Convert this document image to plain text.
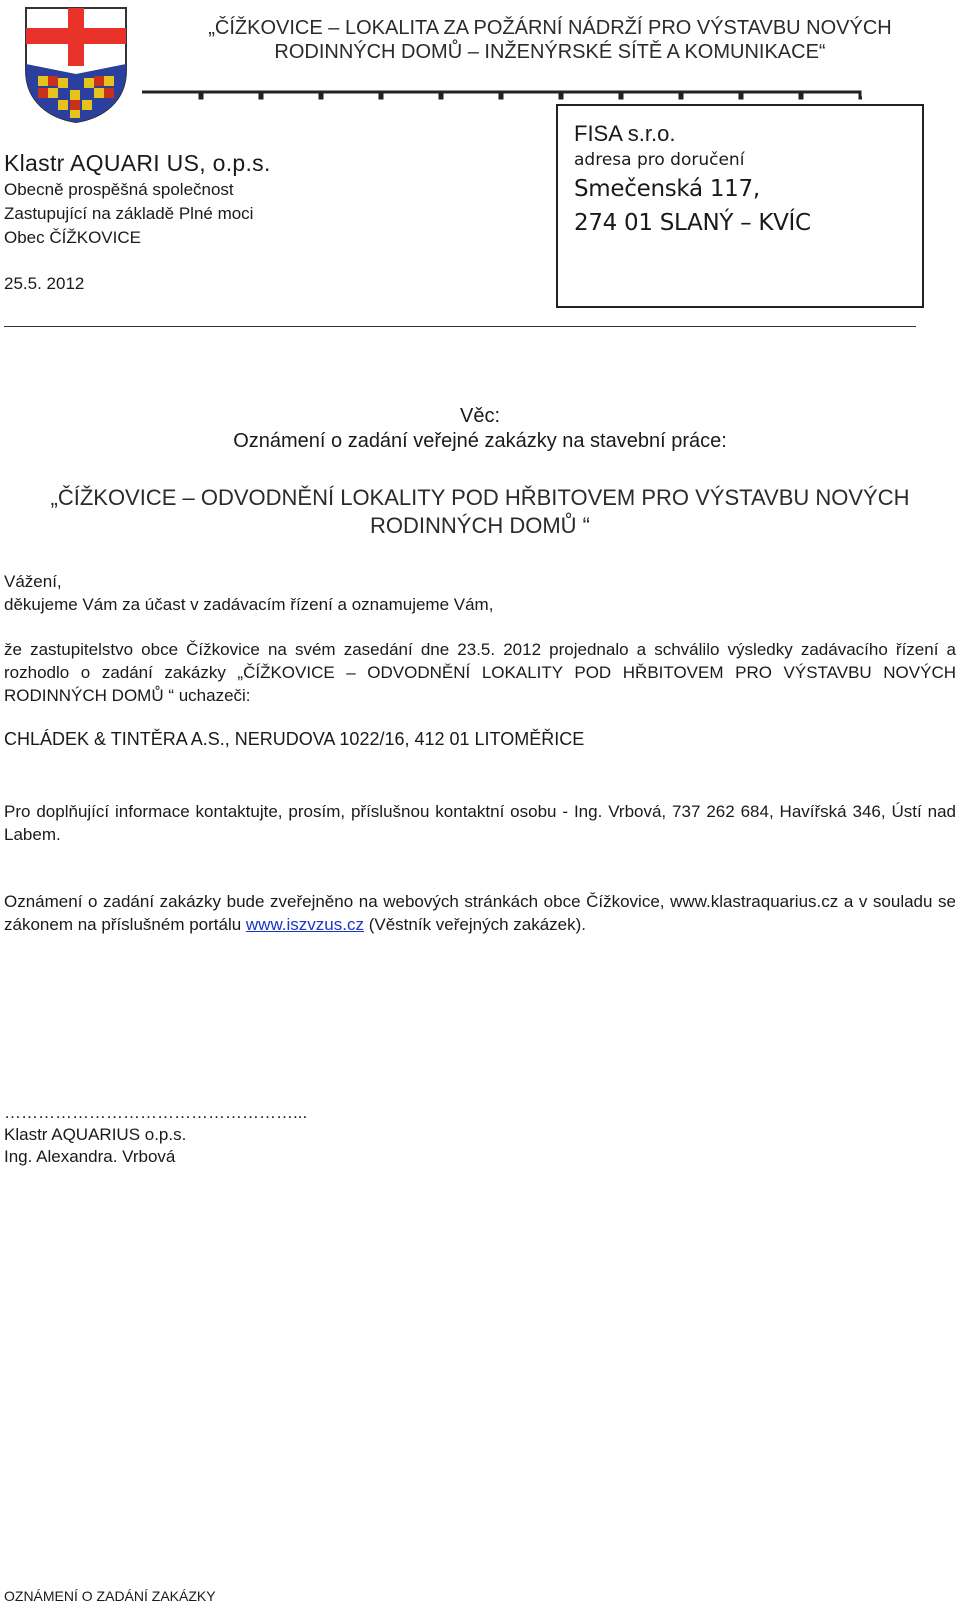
„ČÍŽKOVICE – LOKALITA ZA POŽÁRNÍ NÁDRŽÍ PRO VÝSTAVBU NOVÝCH
RODINNÝCH DOMŮ – INŽENÝRSKÉ SÍTĚ A KOMUNIKACE“
Klastr AQUARI US, o.p.s.
Obecně prospěšná společnost
Zastupující na základě Plné moci
Obec ČÍŽKOVICE
25.5. 2012
FISA s.r.o.
adresa pro doručení
Smečenská 117,
274 01 SLANÝ – KVÍC
Věc:
Oznámení o zadání veřejné zakázky na stavební práce:
„ČÍŽKOVICE – ODVODNĚNÍ LOKALITY POD HŘBITOVEM PRO VÝSTAVBU NOVÝCH
RODINNÝCH DOMŮ “
Vážení,
děkujeme Vám za účast v zadávacím řízení a oznamujeme Vám,
že zastupitelstvo obce Čížkovice na svém zasedání dne 23.5. 2012 projednalo a schválilo výsledky zadávacího řízení a rozhodlo o zadání zakázky „ČÍŽKOVICE – ODVODNĚNÍ LOKALITY POD HŘBITOVEM PRO VÝSTAVBU NOVÝCH RODINNÝCH DOMŮ “ uchazeči:
CHLÁDEK & TINTĚRA A.S., NERUDOVA 1022/16, 412 01 LITOMĚŘICE
Pro doplňující informace kontaktujte, prosím, příslušnou kontaktní osobu - Ing. Vrbová, 737 262 684, Havířská 346, Ústí nad Labem.
Oznámení o zadání zakázky bude zveřejněno na webových stránkách obce Čížkovice, www.klastraquarius.cz a v souladu se zákonem na příslušném portálu www.iszvzus.cz (Věstník veřejných zakázek).
……………………………………………...
Klastr AQUARIUS o.p.s.
Ing. Alexandra. Vrbová
OZNÁMENÍ O ZADÁNÍ ZAKÁZKY
